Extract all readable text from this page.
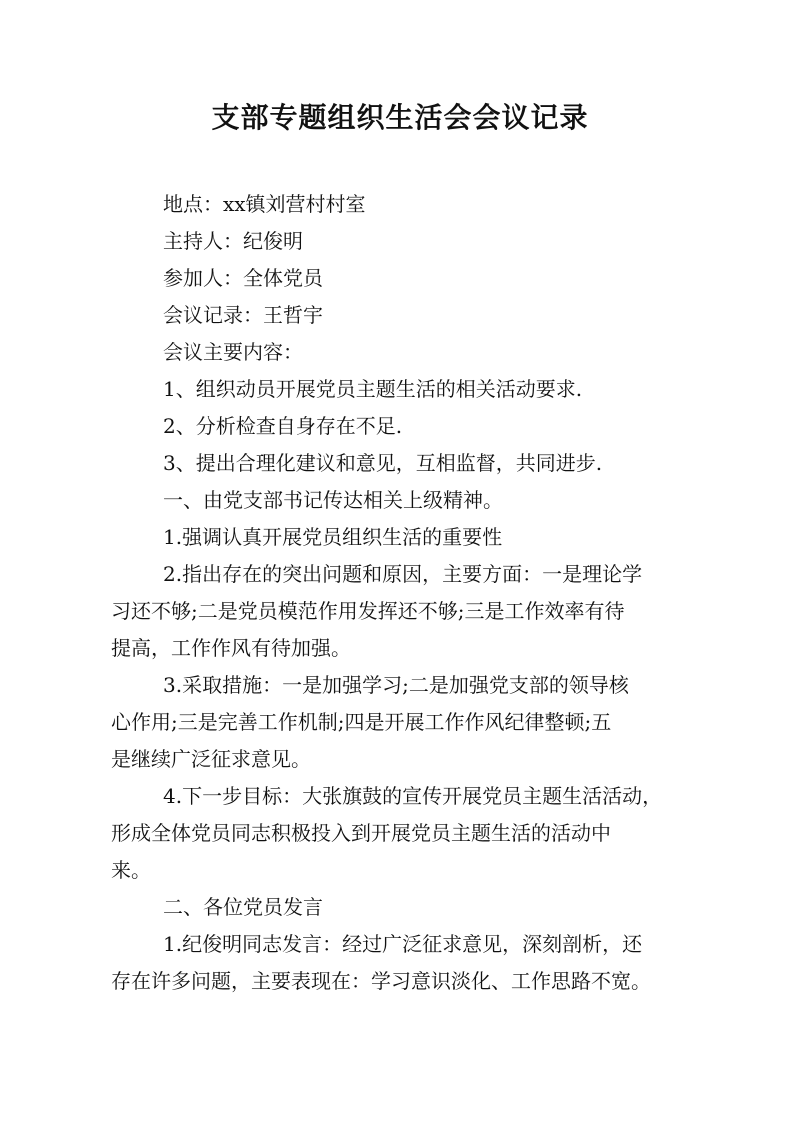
支部专题组织生活会会议记录
地点：xx镇刘营村村室
主持人：纪俊明
参加人：全体党员
会议记录：王哲宇
会议主要内容：
1、组织动员开展党员主题生活的相关活动要求.
2、分析检查自身存在不足.
3、提出合理化建议和意见，互相监督，共同进步.
一、由党支部书记传达相关上级精神。
1.强调认真开展党员组织生活的重要性
2.指出存在的突出问题和原因，主要方面：一是理论学
习还不够;二是党员模范作用发挥还不够;三是工作效率有待
提高，工作作风有待加强。
3.采取措施：一是加强学习;二是加强党支部的领导核
心作用;三是完善工作机制;四是开展工作作风纪律整顿;五
是继续广泛征求意见。
4.下一步目标：大张旗鼓的宣传开展党员主题生活活动，
形成全体党员同志积极投入到开展党员主题生活的活动中
来。
二、各位党员发言
1.纪俊明同志发言：经过广泛征求意见，深刻剖析，还
存在许多问题，主要表现在：学习意识淡化、工作思路不宽。
